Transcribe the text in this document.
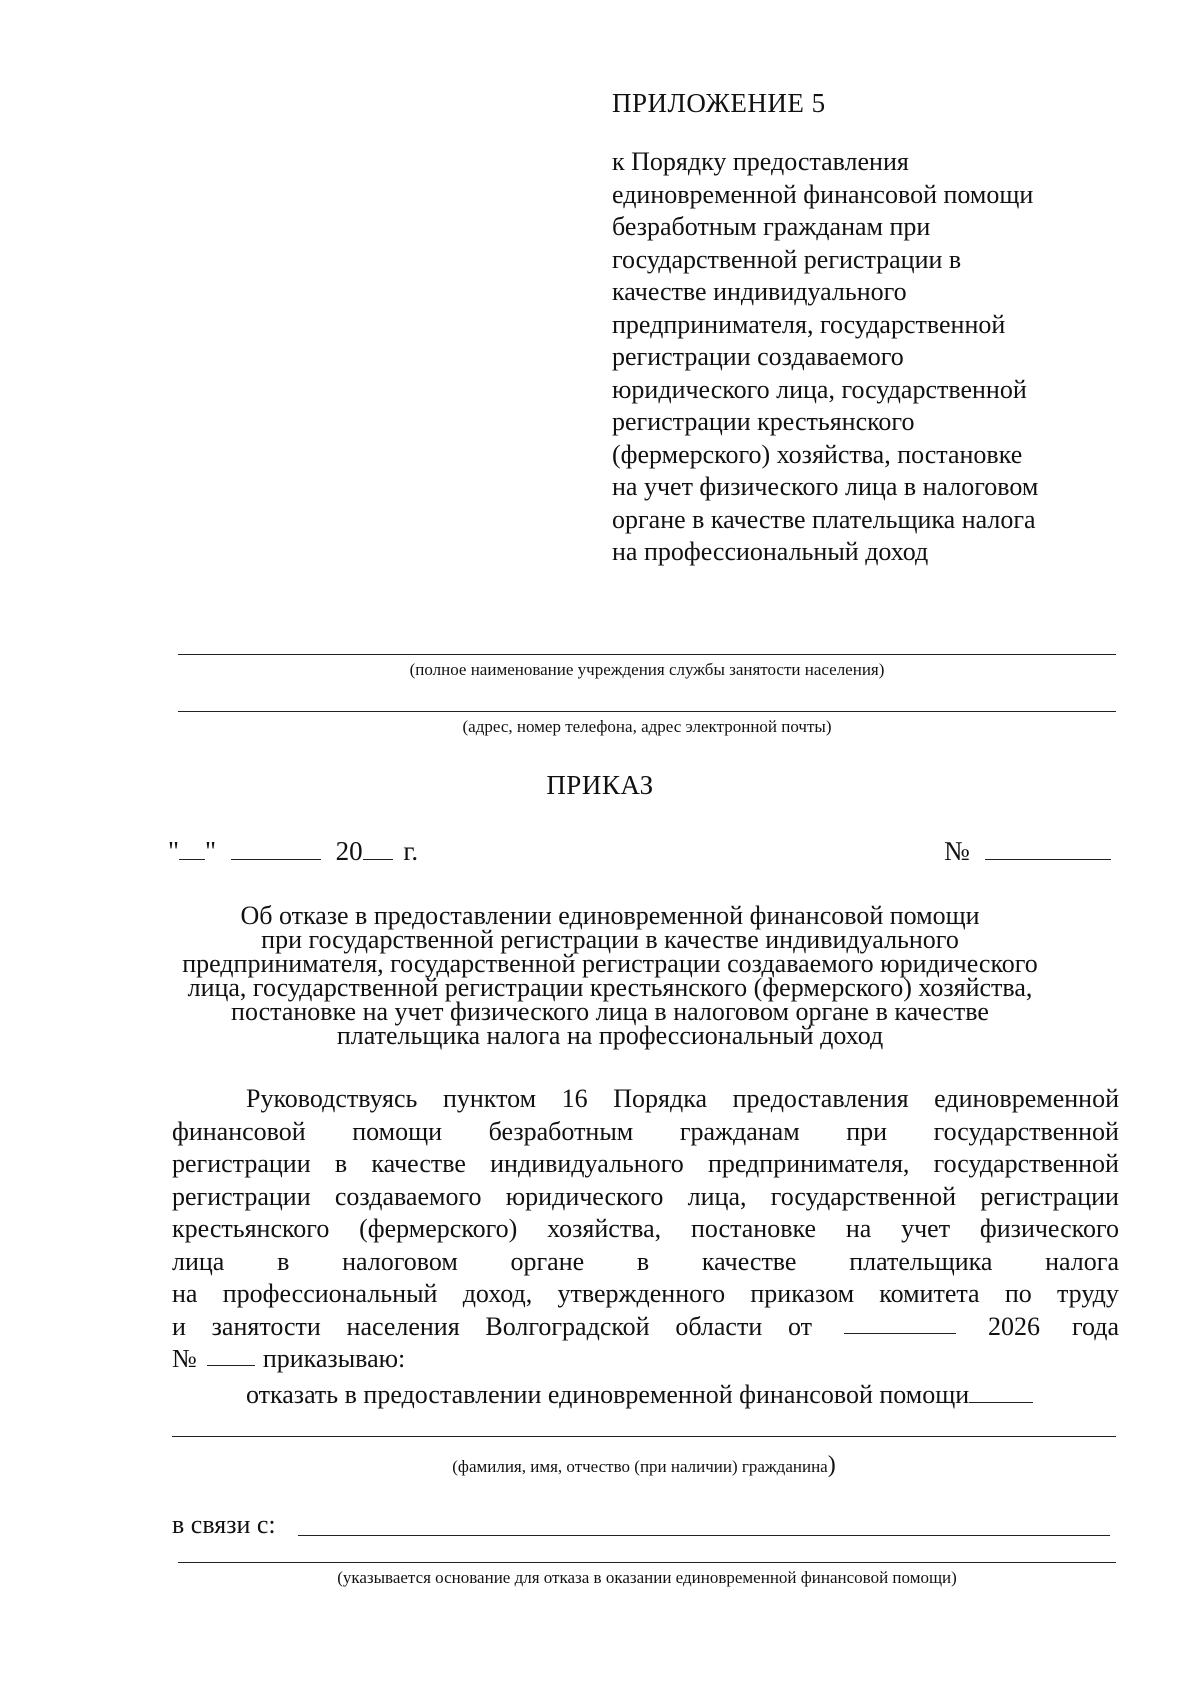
ПРИЛОЖЕНИЕ 5
к Порядку предоставления
единовременной финансовой помощи
безработным гражданам при
государственной регистрации в
качестве индивидуального
предпринимателя, государственной
регистрации создаваемого
юридического лица, государственной
регистрации крестьянского
(фермерского) хозяйства, постановке
на учет физического лица в налоговом
органе в качестве плательщика налога
на профессиональный доход
(полное наименование учреждения службы занятости населения)
(адрес, номер телефона, адрес электронной почты)
ПРИКАЗ
" "	20 г.	№
Об отказе в предоставлении единовременной финансовой помощи
при государственной регистрации в качестве индивидуального
предпринимателя, государственной регистрации создаваемого юридического
лица, государственной регистрации крестьянского (фермерского) хозяйства,
постановке на учет физического лица в налоговом органе в качестве
плательщика налога на профессиональный доход
Руководствуясь пунктом 16 Порядка предоставления единовременной
финансовой помощи безработным гражданам при государственной
регистрации в качестве индивидуального предпринимателя, государственной
регистрации создаваемого юридического лица, государственной регистрации
крестьянского (фермерского) хозяйства, постановке на учет физического
лица в налоговом органе в качестве плательщика налога
на профессиональный доход, утвержденного приказом комитета по труду
и занятости населения Волгоградской области от	2026 года
№	приказываю:
отказать в предоставлении единовременной финансовой помощи
(фамилия, имя, отчество (при наличии) гражданина)
в связи с:
(указывается основание для отказа в оказании единовременной финансовой помощи)
